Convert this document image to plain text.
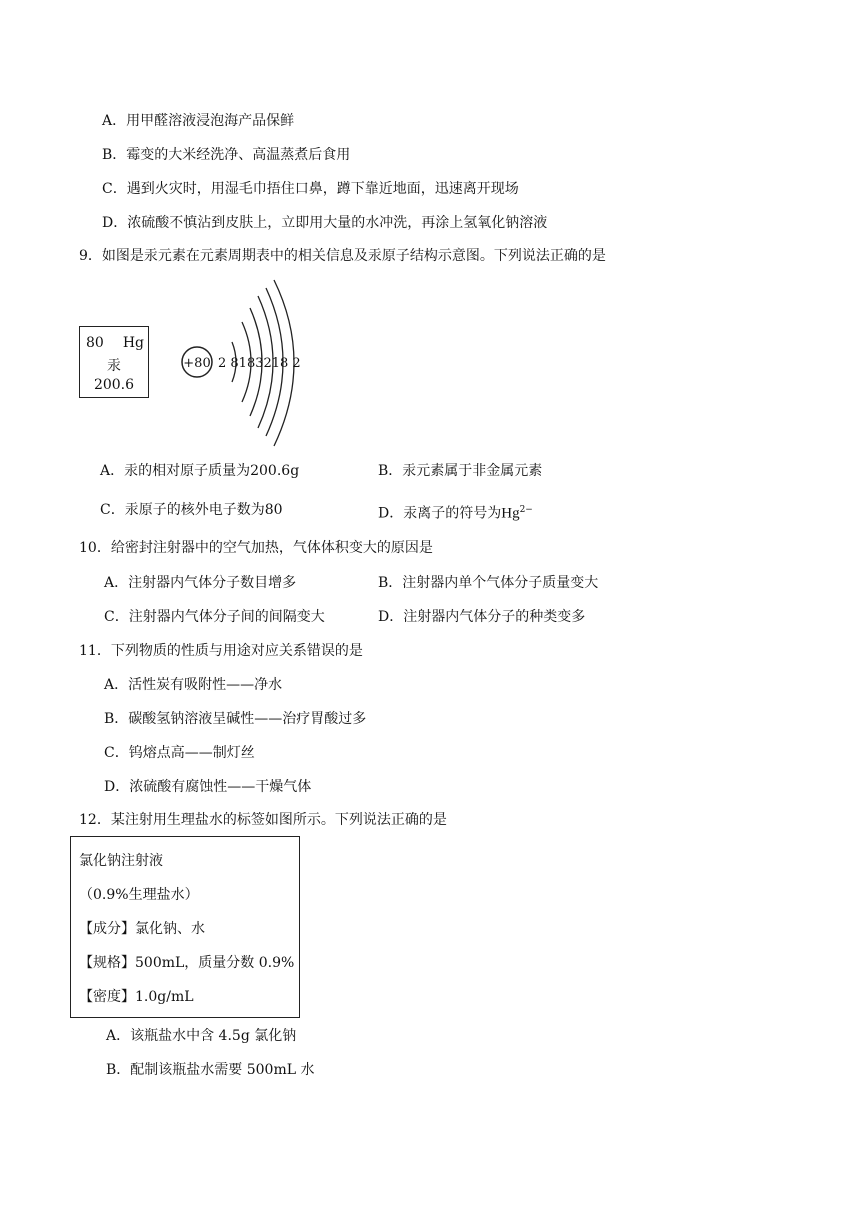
A．用甲醛溶液浸泡海产品保鲜
B．霉变的大米经洗净、高温蒸煮后食用
C．遇到火灾时，用湿毛巾捂住口鼻，蹲下靠近地面，迅速离开现场
D．浓硫酸不慎沾到皮肤上，立即用大量的水冲洗，再涂上氢氧化钠溶液
9．如图是汞元素在元素周期表中的相关信息及汞原子结构示意图。下列说法正确的是
80 Hg
汞
200.6
+80 2 8183218 2
A．汞的相对原子质量为200.6g	B．汞元素属于非金属元素
C．汞原子的核外电子数为80	D．汞离子的符号为$Hg^{2-}$
10．给密封注射器中的空气加热，气体体积变大的原因是
A．注射器内气体分子数目增多	B．注射器内单个气体分子质量变大
C．注射器内气体分子间的间隔变大	D．注射器内气体分子的种类变多
11．下列物质的性质与用途对应关系错误的是
A．活性炭有吸附性——净水
B．碳酸氢钠溶液呈碱性——治疗胃酸过多
C．钨熔点高——制灯丝
D．浓硫酸有腐蚀性——干燥气体
12．某注射用生理盐水的标签如图所示。下列说法正确的是
氯化钠注射液
（0.9%生理盐水）
【成分】氯化钠、水
【规格】500mL，质量分数 0.9%
【密度】1.0g/mL
A．该瓶盐水中含 4.5g 氯化钠
B．配制该瓶盐水需要 500mL 水
